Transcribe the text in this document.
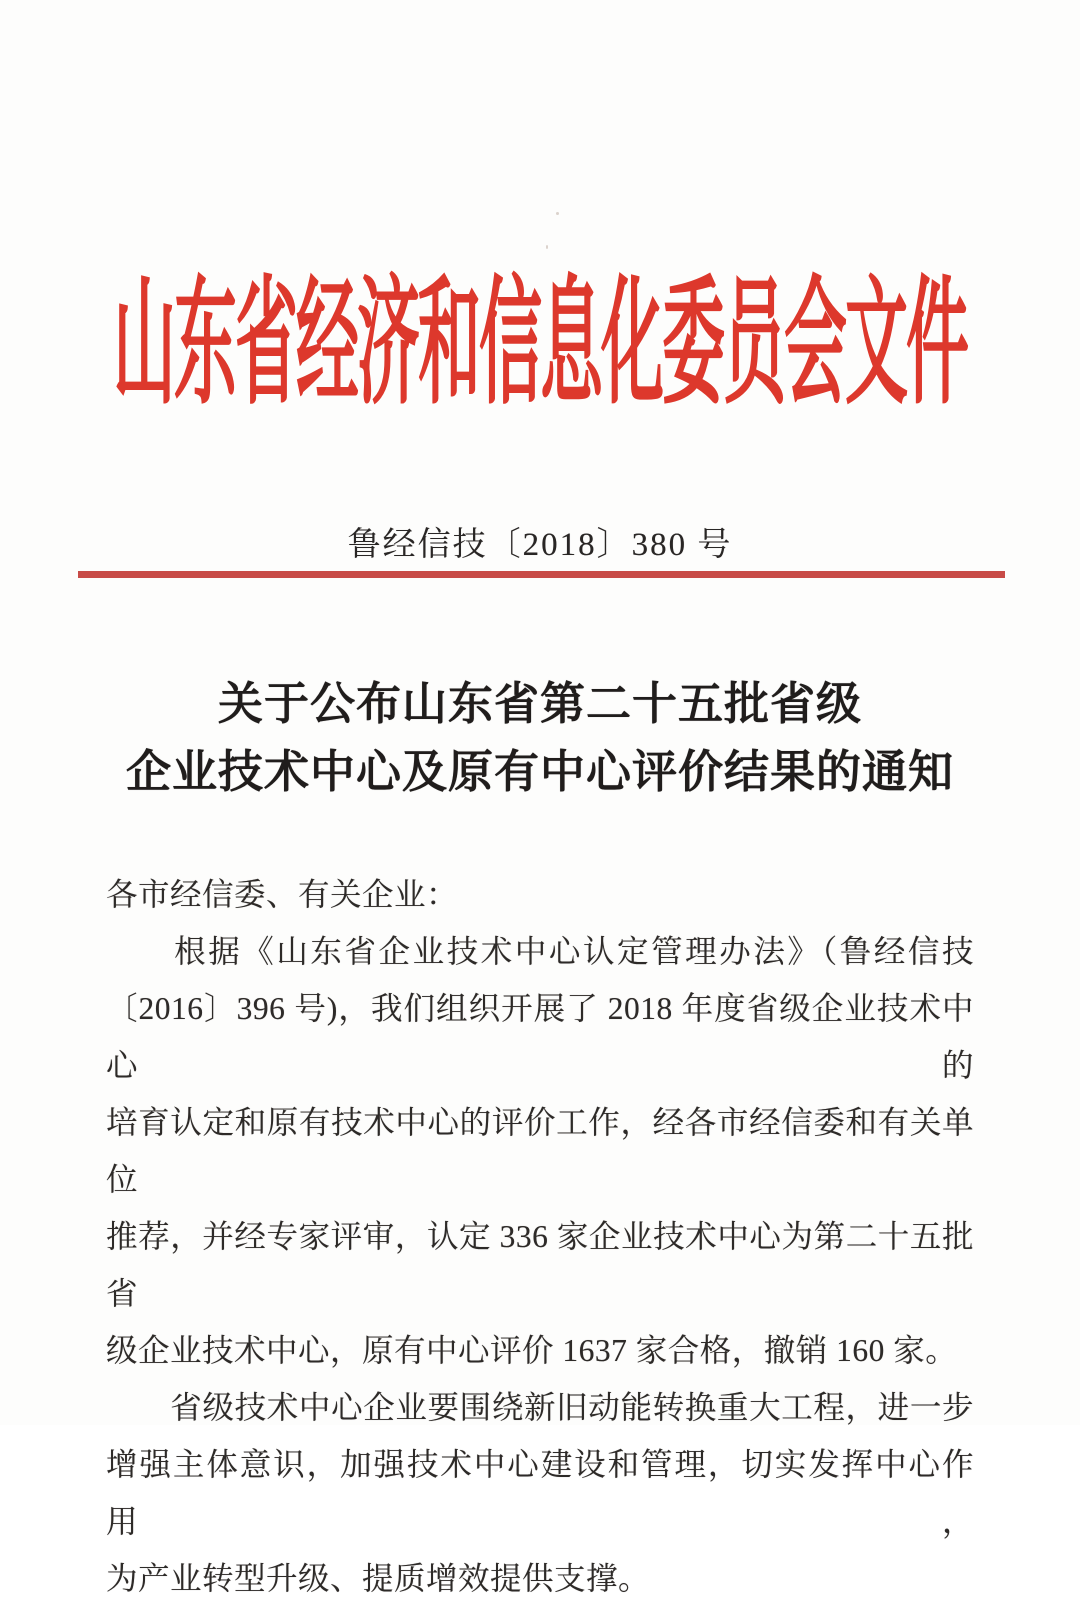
山东省经济和信息化委员会文件
鲁经信技〔2018〕380 号
关于公布山东省第二十五批省级
企业技术中心及原有中心评价结果的通知
各市经信委、有关企业：
　　根据《山东省企业技术中心认定管理办法》（鲁经信技
〔2016〕396 号)，我们组织开展了 2018 年度省级企业技术中心的
培育认定和原有技术中心的评价工作，经各市经信委和有关单位
推荐，并经专家评审，认定 336 家企业技术中心为第二十五批省
级企业技术中心，原有中心评价 1637 家合格，撤销 160 家。
　　省级技术中心企业要围绕新旧动能转换重大工程，进一步
增强主体意识，加强技术中心建设和管理，切实发挥中心作用，
为产业转型升级、提质增效提供支撑。
